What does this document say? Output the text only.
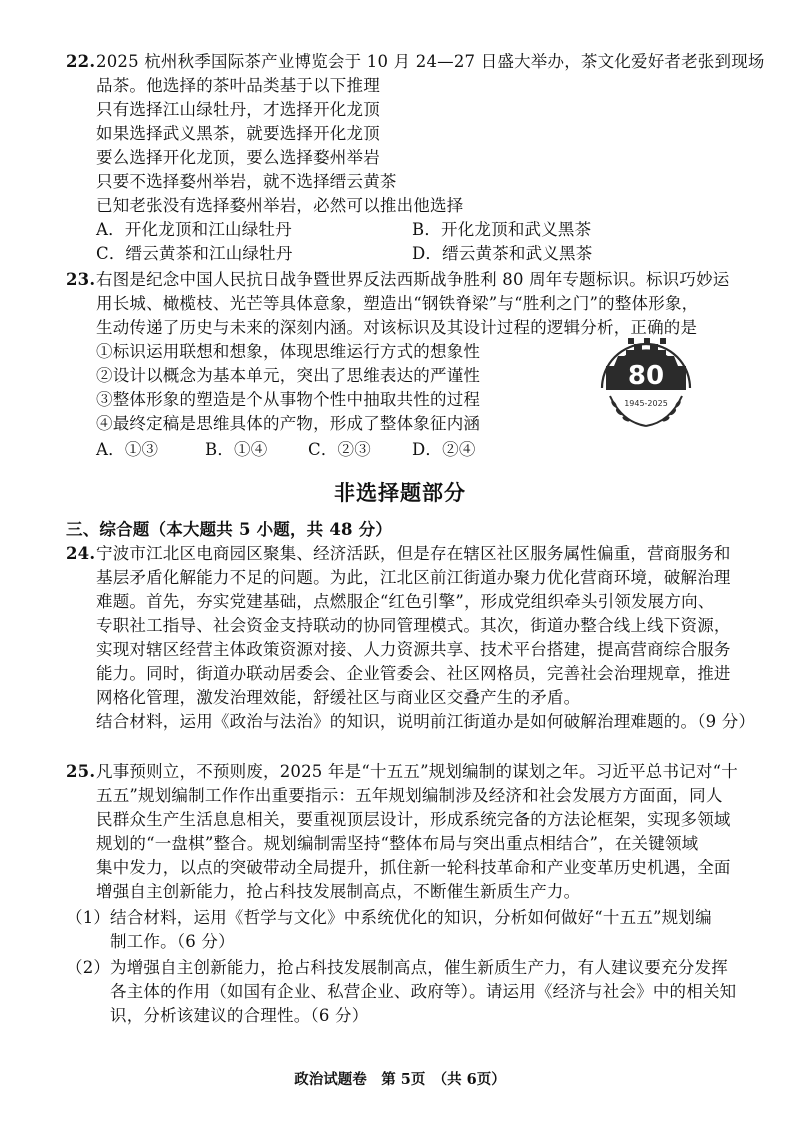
22. 2025 杭州秋季国际茶产业博览会于 10 月 24—27 日盛大举办，茶文化爱好者老张到现场
品茶。他选择的茶叶品类基于以下推理
只有选择江山绿牡丹，才选择开化龙顶
如果选择武义黑茶，就要选择开化龙顶
要么选择开化龙顶，要么选择婺州举岩
只要不选择婺州举岩，就不选择缙云黄茶
已知老张没有选择婺州举岩，必然可以推出他选择
A．开化龙顶和江山绿牡丹	B．开化龙顶和武义黑茶
C．缙云黄茶和江山绿牡丹	D．缙云黄茶和武义黑茶
23. 右图是纪念中国人民抗日战争暨世界反法西斯战争胜利 80 周年专题标识。标识巧妙运
用长城、橄榄枝、光芒等具体意象，塑造出“钢铁脊梁”与“胜利之门”的整体形象，
生动传递了历史与未来的深刻内涵。对该标识及其设计过程的逻辑分析，正确的是
①标识运用联想和想象，体现思维运行方式的想象性
②设计以概念为基本单元，突出了思维表达的严谨性
③整体形象的塑造是个从事物个性中抽取共性的过程
④最终定稿是思维具体的产物，形成了整体象征内涵
A．①③	B．①④ C．②③ D．②④
80
1945-2025
非选择题部分
三、综合题（本大题共 5 小题，共 48 分）
24. 宁波市江北区电商园区聚集、经济活跃，但是存在辖区社区服务属性偏重，营商服务和
基层矛盾化解能力不足的问题。为此，江北区前江街道办聚力优化营商环境，破解治理
难题。首先，夯实党建基础，点燃服企“红色引擎”，形成党组织牵头引领发展方向、
专职社工指导、社会资金支持联动的协同管理模式。其次，街道办整合线上线下资源，
实现对辖区经营主体政策资源对接、人力资源共享、技术平台搭建，提高营商综合服务
能力。同时，街道办联动居委会、企业管委会、社区网格员，完善社会治理规章，推进
网格化管理，激发治理效能，舒缓社区与商业区交叠产生的矛盾。
结合材料，运用《政治与法治》的知识，说明前江街道办是如何破解治理难题的。（9 分）
25. 凡事预则立，不预则废，2025 年是“十五五”规划编制的谋划之年。习近平总书记对“十
五五”规划编制工作作出重要指示：五年规划编制涉及经济和社会发展方方面面，同人
民群众生产生活息息相关，要重视顶层设计，形成系统完备的方法论框架，实现多领域
规划的“一盘棋”整合。规划编制需坚持“整体布局与突出重点相结合”，在关键领域
集中发力，以点的突破带动全局提升，抓住新一轮科技革命和产业变革历史机遇，全面
增强自主创新能力，抢占科技发展制高点，不断催生新质生产力。
（1） 结合材料，运用《哲学与文化》中系统优化的知识，分析如何做好“十五五”规划编
制工作。（6 分）
（2） 为增强自主创新能力，抢占科技发展制高点，催生新质生产力，有人建议要充分发挥
各主体的作用（如国有企业、私营企业、政府等）。请运用《经济与社会》中的相关知
识，分析该建议的合理性。（6 分）
政治试题卷　第 5页　（共 6页）
